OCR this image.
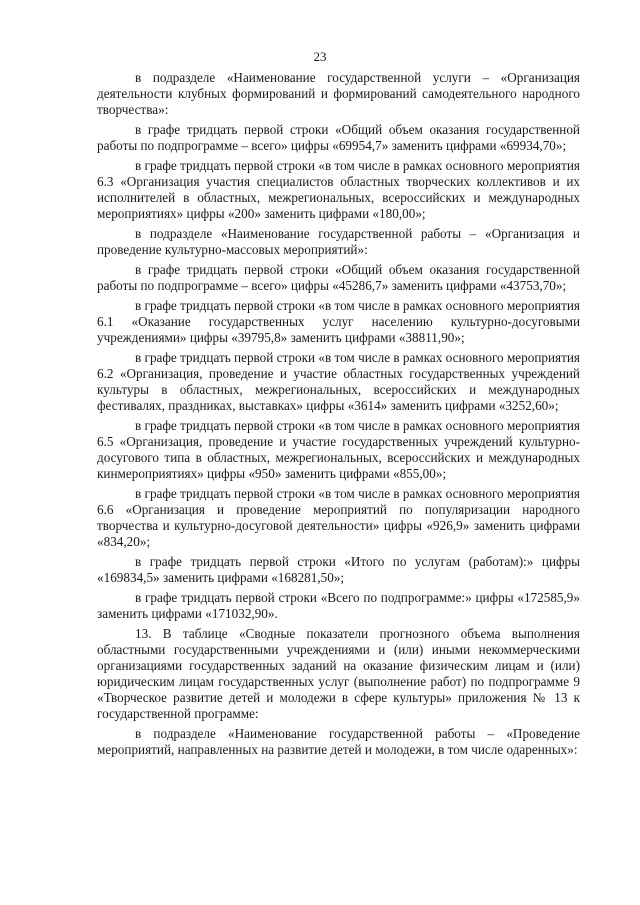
23

в подразделе «Наименование государственной услуги – «Организация деятельности клубных формирований и формирований самодеятельного народного творчества»:

в графе тридцать первой строки «Общий объем оказания государственной работы по подпрограмме – всего» цифры «69954,7» заменить цифрами «69934,70»;

в графе тридцать первой строки «в том числе в рамках основного мероприятия 6.3 «Организация участия специалистов областных творческих коллективов и их исполнителей в областных, межрегиональных, всероссийских и международных мероприятиях» цифры «200» заменить цифрами «180,00»;

в подразделе «Наименование государственной работы – «Организация и проведение культурно-массовых мероприятий»:

в графе тридцать первой строки «Общий объем оказания государственной работы по подпрограмме – всего» цифры «45286,7» заменить цифрами «43753,70»;

в графе тридцать первой строки «в том числе в рамках основного мероприятия 6.1 «Оказание государственных услуг населению культурно-досуговыми учреждениями» цифры «39795,8» заменить цифрами «38811,90»;

в графе тридцать первой строки «в том числе в рамках основного мероприятия 6.2 «Организация, проведение и участие областных государственных учреждений культуры в областных, межрегиональных, всероссийских и международных фестивалях, праздниках, выставках» цифры «3614» заменить цифрами «3252,60»;

в графе тридцать первой строки «в том числе в рамках основного мероприятия 6.5 «Организация, проведение и участие государственных учреждений культурно-досугового типа в областных, межрегиональных, всероссийских и международных кинмероприятиях» цифры «950» заменить цифрами «855,00»;

в графе тридцать первой строки «в том числе в рамках основного мероприятия 6.6 «Организация и проведение мероприятий по популяризации народного творчества и культурно-досуговой деятельности» цифры «926,9» заменить цифрами «834,20»;

в графе тридцать первой строки «Итого по услугам (работам):» цифры «169834,5» заменить цифрами «168281,50»;

в графе тридцать первой строки «Всего по подпрограмме:» цифры «172585,9» заменить цифрами «171032,90».

13. В таблице «Сводные показатели прогнозного объема выполнения областными государственными учреждениями и (или) иными некоммерческими организациями государственных заданий на оказание физическим лицам и (или) юридическим лицам государственных услуг (выполнение работ) по подпрограмме 9 «Творческое развитие детей и молодежи в сфере культуры» приложения № 13 к государственной программе:

в подразделе «Наименование государственной работы – «Проведение мероприятий, направленных на развитие детей и молодежи, в том числе одаренных»:
